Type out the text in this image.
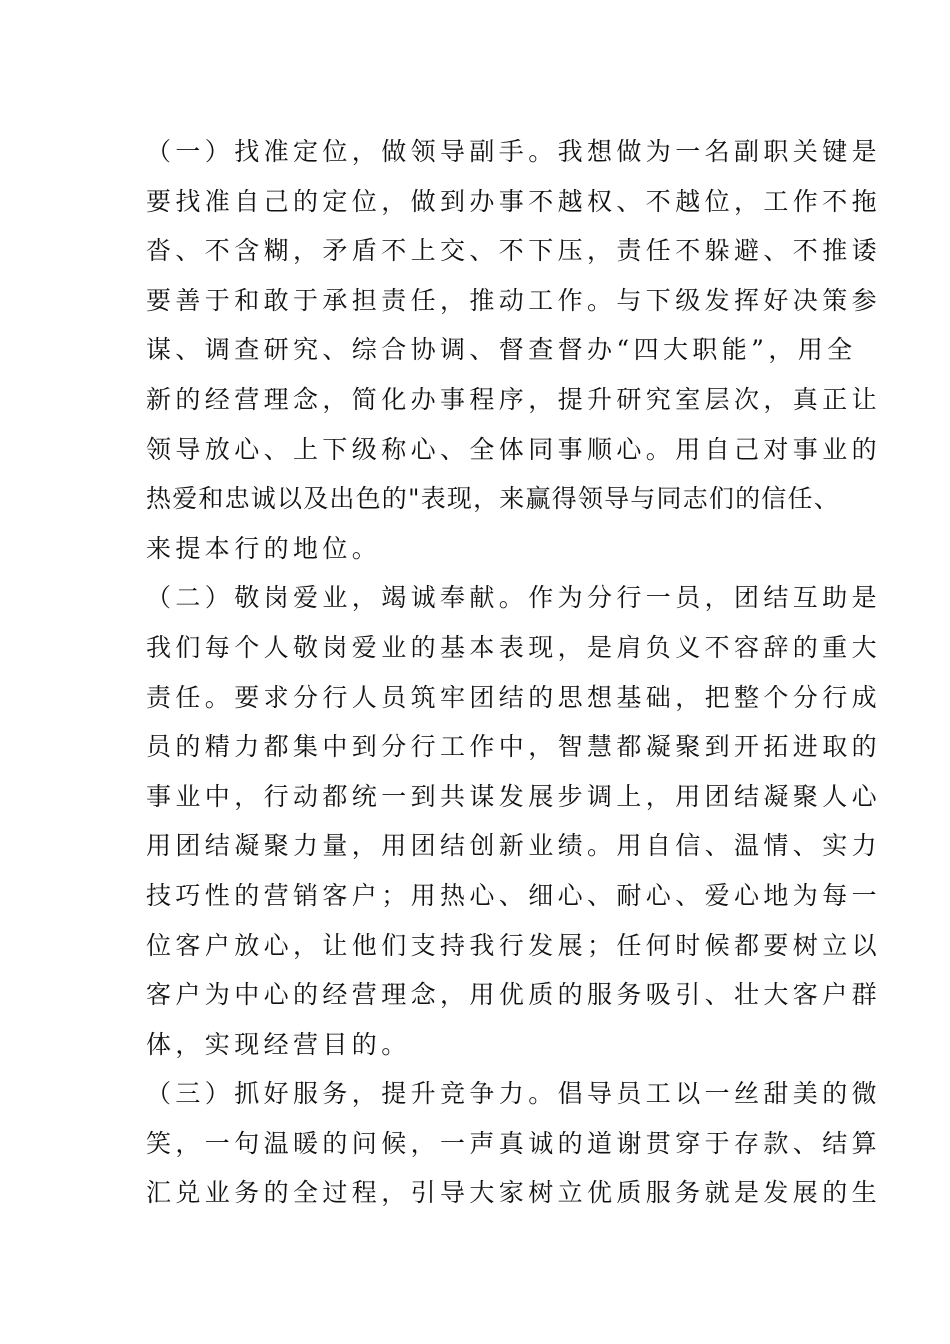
（一）找准定位，做领导副手。我想做为一名副职关键是
要找准自己的定位，做到办事不越权、不越位，工作不拖
沓、不含糊，矛盾不上交、不下压，责任不躲避、不推诿
要善于和敢于承担责任，推动工作。与下级发挥好决策参
谋、调查研究、综合协调、督查督办“四大职能”，用全
新的经营理念，简化办事程序，提升研究室层次，真正让
领导放心、上下级称心、全体同事顺心。用自己对事业的
热爱和忠诚以及出色的"表现，来赢得领导与同志们的信任、
来提本行的地位。
（二）敬岗爱业，竭诚奉献。作为分行一员，团结互助是
我们每个人敬岗爱业的基本表现，是肩负义不容辞的重大
责任。要求分行人员筑牢团结的思想基础，把整个分行成
员的精力都集中到分行工作中，智慧都凝聚到开拓进取的
事业中，行动都统一到共谋发展步调上，用团结凝聚人心
用团结凝聚力量，用团结创新业绩。用自信、温情、实力
技巧性的营销客户；用热心、细心、耐心、爱心地为每一
位客户放心，让他们支持我行发展；任何时候都要树立以
客户为中心的经营理念，用优质的服务吸引、壮大客户群
体，实现经营目的。
（三）抓好服务，提升竞争力。倡导员工以一丝甜美的微
笑，一句温暖的问候，一声真诚的道谢贯穿于存款、结算
汇兑业务的全过程，引导大家树立优质服务就是发展的生
